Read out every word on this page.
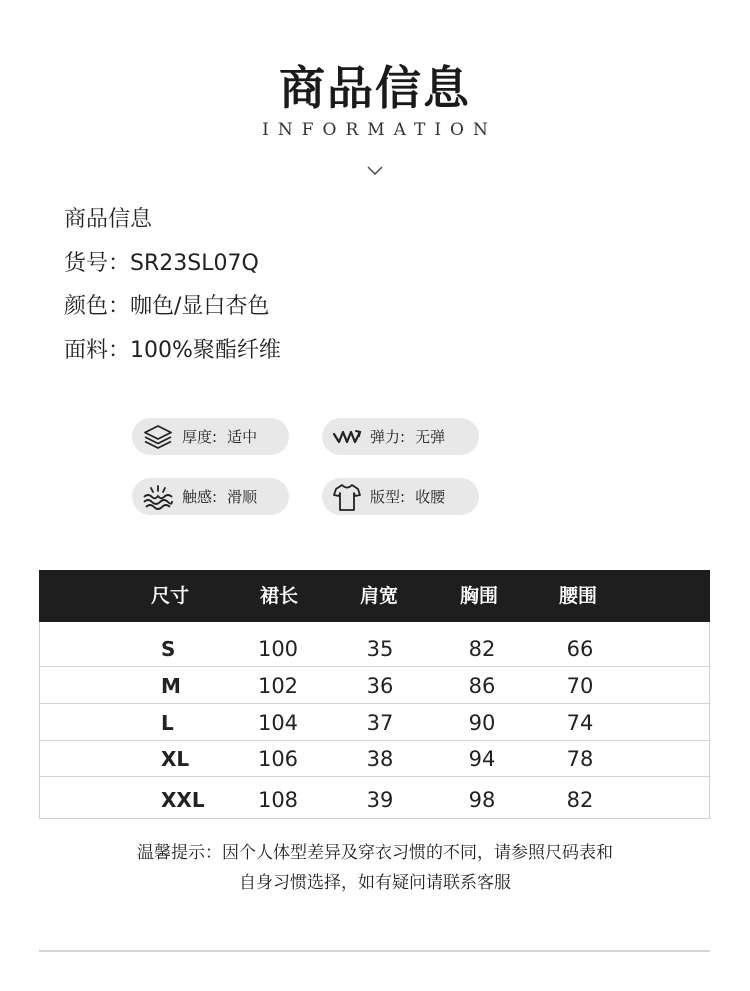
商品信息
INFORMATION
商品信息
货号：SR23SL07Q
颜色：咖色/显白杏色
面料：100%聚酯纤维
厚度 : 适中	弹力 : 无弹
触感 : 滑顺	版型 : 收腰
尺寸	裙长	肩宽	胸围	腰围
S	100	35	82	66
M	102	36	86	70
L	104	37	90	74
XL	106	38	94	78
XXL	108	39	98	82
温馨提示：因个人体型差异及穿衣习惯的不同，请参照尺码表和
自身习惯选择，如有疑问请联系客服
